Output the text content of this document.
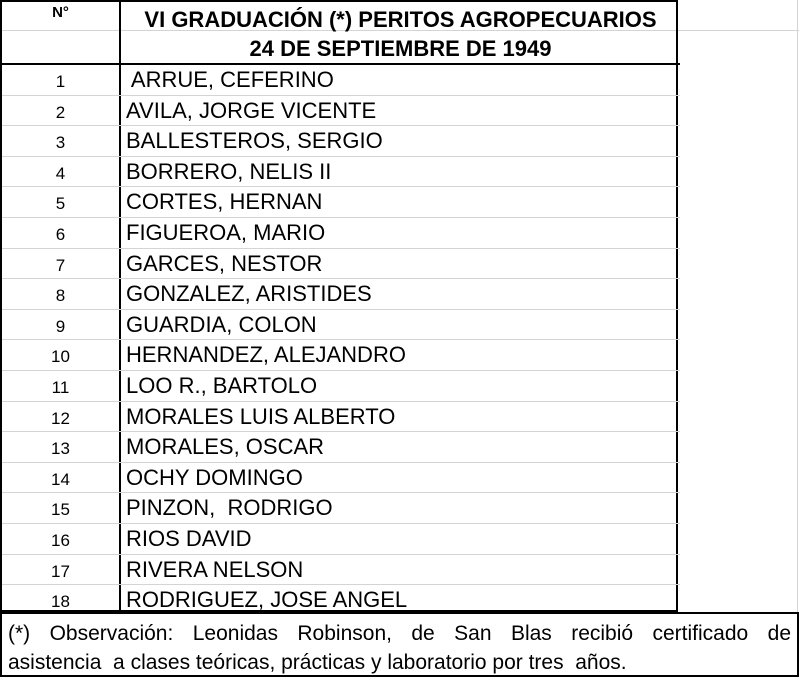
N°	VI GRADUACIÓN (*) PERITOS AGROPECUARIOS
24 DE SEPTIEMBRE DE 1949
1	ARRUE, CEFERINO
2	AVILA, JORGE VICENTE
3	BALLESTEROS, SERGIO
4	BORRERO, NELIS II
5	CORTES, HERNAN
6	FIGUEROA, MARIO
7	GARCES, NESTOR
8	GONZALEZ, ARISTIDES
9	GUARDIA, COLON
10	HERNANDEZ, ALEJANDRO
11	LOO R., BARTOLO
12	MORALES LUIS ALBERTO
13	MORALES, OSCAR
14	OCHY DOMINGO
15	PINZON,  RODRIGO
16	RIOS DAVID
17	RIVERA NELSON
18	RODRIGUEZ, JOSE ANGEL
(*) Observación: Leonidas Robinson, de San Blas recibió certificado de
asistencia  a clases teóricas, prácticas y laboratorio por tres  años.
